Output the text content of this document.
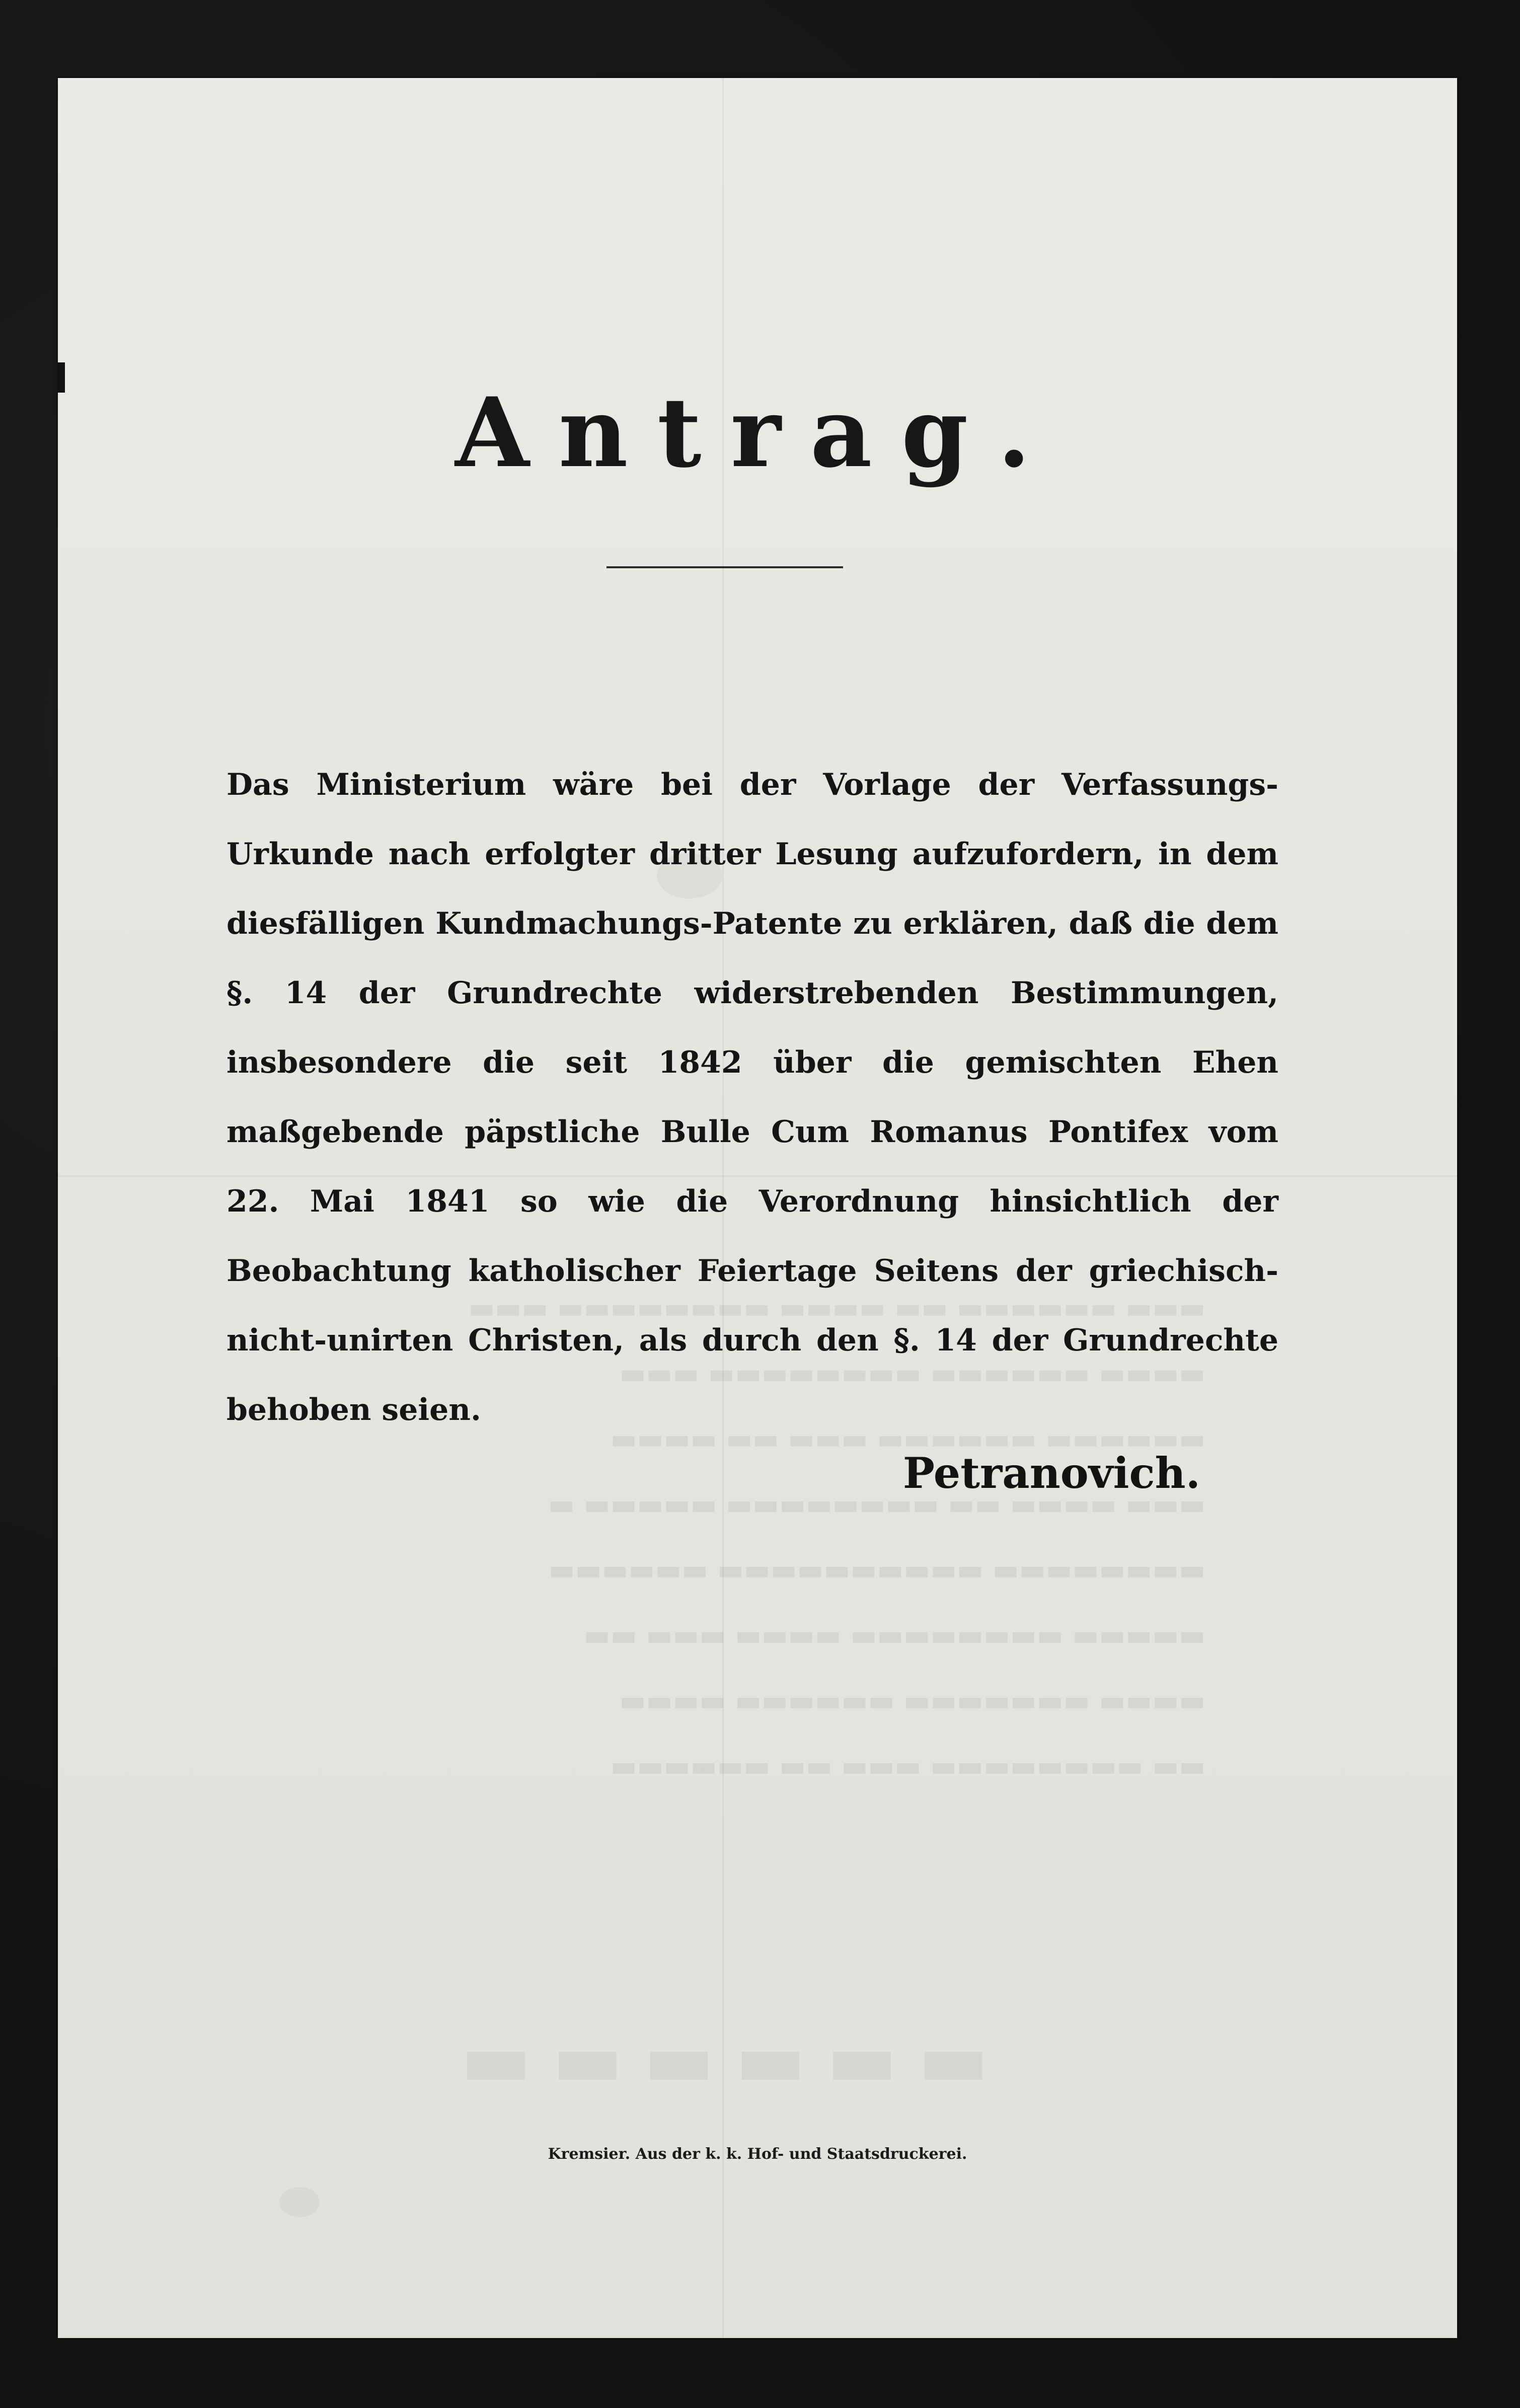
▬▬▬ ▬▬▬▬▬▬ ▬▬ ▬▬▬▬ ▬▬▬▬▬▬▬▬ ▬▬▬
▬▬▬▬ ▬▬▬▬▬▬ ▬▬▬▬▬▬▬▬ ▬▬▬
▬▬▬▬▬▬ ▬▬▬▬▬▬ ▬▬▬ ▬▬ ▬▬▬▬
▬▬▬ ▬▬▬▬ ▬▬ ▬▬▬▬▬▬▬▬ ▬▬▬▬▬ ▬
▬▬▬▬▬▬▬▬ ▬▬▬▬▬▬▬▬▬▬ ▬▬▬▬▬▬
▬▬▬▬▬ ▬▬▬▬▬▬▬▬ ▬▬▬▬ ▬▬▬ ▬▬
▬▬▬▬ ▬▬▬▬▬▬▬ ▬▬▬▬▬▬ ▬▬▬▬
▬▬ ▬▬▬▬▬▬▬▬ ▬▬▬ ▬▬ ▬▬▬▬▬▬
▬▬▬▬▬▬
Antrag.
Das Ministerium wäre bei der Vorlage der Verfassungs-Urkunde nach erfolgter dritter Lesung aufzufordern, in dem diesfälligen Kundmachungs-Patente zu erklären, daß die dem §. 14 der Grundrechte widerstrebenden Bestimmungen, insbesondere die seit 1842 über die gemischten Ehen maßgebende päpstliche Bulle Cum Romanus Pontifex vom 22. Mai 1841 so wie die Verordnung hinsichtlich der Beobachtung katholischer Feiertage Seitens der griechisch-nicht-unirten Christen, als durch den §. 14 der Grundrechte behoben seien.
Petranovich.
Kremsier. Aus der k. k. Hof- und Staatsdruckerei.
